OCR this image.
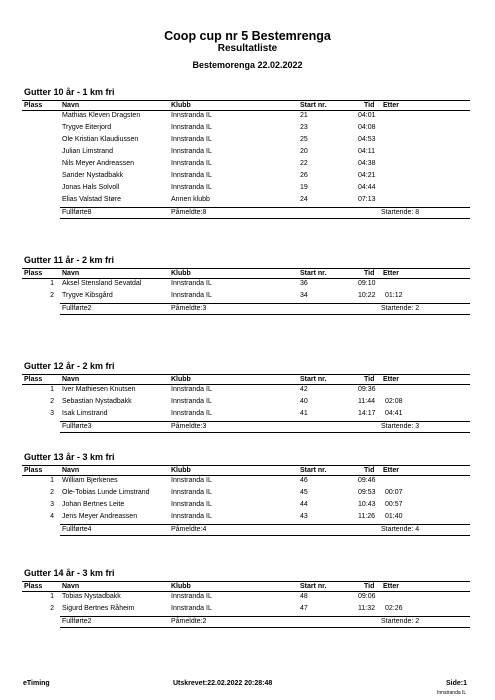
Coop cup nr 5 Bestemrenga
Resultatliste
Bestemorenga 22.02.2022
Gutter 10 år - 1 km fri
Plass	Navn	Klubb	Start nr.	Tid Etter
Mathias Kleven Dragsten	Innstranda IL	21	04:01
Trygve Eiterjord	Innstranda IL	23	04:08
Ole Kristian Klaudiussen	Innstranda IL	25	04:53
Julian Limstrand	Innstranda IL	20	04:11
Nils Meyer Andreassen	Innstranda IL	22	04:38
Sander Nystadbakk	Innstranda IL	26	04:21
Jonas Hals Solvoll	Innstranda IL	19	04:44
Elias Valstad Støre	Annen klubb	24	07:13
Fullførte8	Påmeldte:8	Startende: 8
Gutter 11 år - 2 km fri
Plass	Navn	Klubb	Start nr.	Tid Etter
1 Aksel Stensland Sevatdal	Innstranda IL	36	09:10
2 Trygve Kibsgård	Innstranda IL	34	10:22 01:12
Fullførte2	Påmeldte:3	Startende: 2
Gutter 12 år - 2 km fri
Plass	Navn	Klubb	Start nr.	Tid Etter
1 Iver Mathiesen Knutsen	Innstranda IL	42	09:36
2 Sebastian Nystadbakk	Innstranda IL	40	11:44 02:08
3 Isak Limstrand	Innstranda IL	41	14:17 04:41
Fullførte3	Påmeldte:3	Startende: 3
Gutter 13 år - 3 km fri
Plass	Navn	Klubb	Start nr.	Tid Etter
1 William Bjerkenes	Innstranda IL	46	09:46
2 Ole-Tobias Lunde Limstrand	Innstranda IL	45	09:53 00:07
3 Johan Bertnes Leite	Innstranda IL	44	10:43 00:57
4 Jens Meyer Andreassen	Innstranda IL	43	11:26 01:40
Fullførte4	Påmeldte:4	Startende: 4
Gutter 14 år - 3 km fri
Plass	Navn	Klubb	Start nr.	Tid Etter
1 Tobias Nystadbakk	Innstranda IL	48	09:06
2 Sigurd Bertnes Råheim	Innstranda IL	47	11:32 02:26
Fullførte2	Påmeldte:2	Startende: 2
eTiming	Utskrevet:22.02.2022 20:28:48	Side:1
Innstranda IL
